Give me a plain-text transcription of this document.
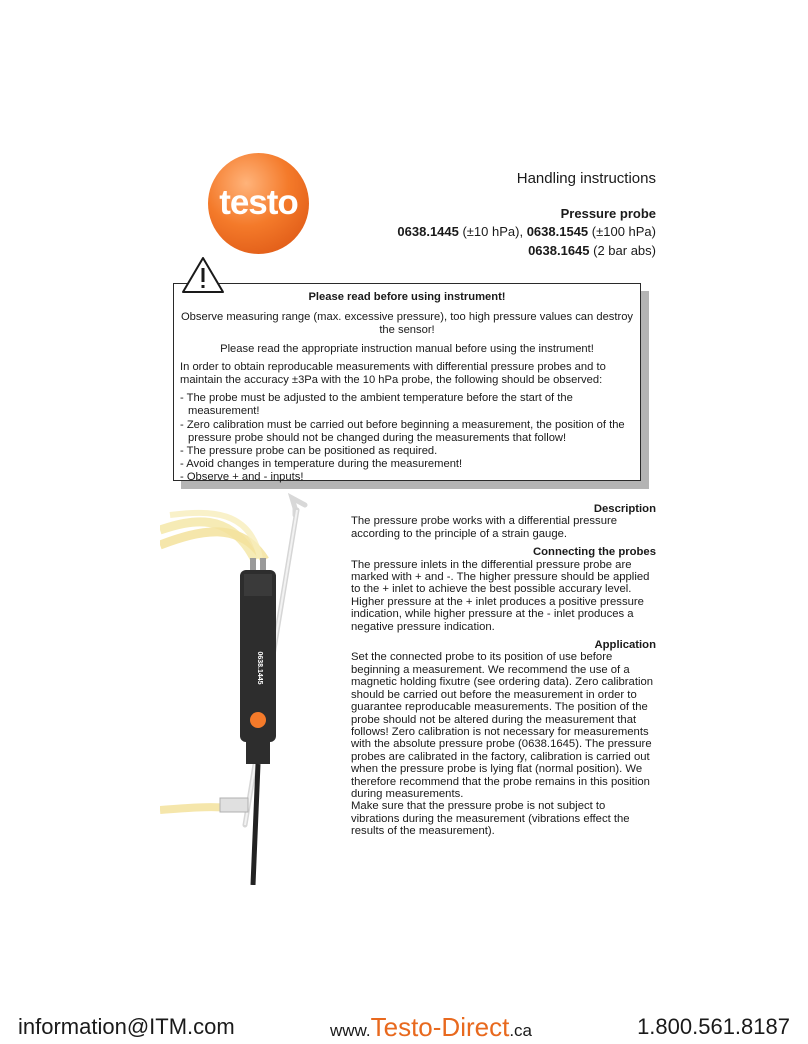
testo
Handling instructions
Pressure probe
0638.1445 (±10 hPa), 0638.1545 (±100 hPa)
0638.1645 (2 bar abs)
Please read before using instrument!
Observe measuring range (max. excessive pressure), too high pressure values can destroy the sensor!
Please read the appropriate instruction manual before using the instrument!
In order to obtain reproducable measurements with differential pressure probes and to maintain the accuracy ±3Pa with the 10 hPa probe, the following should be observed:
- The probe must be adjusted to the ambient temperature before the start of the measurement!
- Zero calibration must be carried out before beginning a measurement, the position of the pressure probe should not be changed during the measurements that follow!
- The pressure probe can be positioned as required.
- Avoid changes in temperature during the measurement!
- Observe + and - inputs!
0638.1445
Description
The pressure probe works with a differential pressure according to the principle of a strain gauge.
Connecting the probes
The pressure inlets in the differential pressure probe are marked with + and -. The higher pressure should be applied to the + inlet to achieve the best possible accurary level. Higher pressure at the + inlet produces a positive pressure indication, while higher pressure at the - inlet produces a negative pressure indication.
Application
Set the connected probe to its position of use before beginning a measurement. We recommend the use of a magnetic holding fixutre (see ordering data). Zero calibration should be carried out before the measurement in order to guarantee reproducable measurements. The position of the probe should not be altered during the measurement that follows! Zero calibration is not necessary for measurements with the absolute pressure probe (0638.1645). The pressure probes are calibrated in the factory, calibration is carried out when the pressure probe is lying flat (normal position). We therefore recommend that the probe remains in this position during measurements.
Make sure that the pressure probe is not subject to vibrations during the measurement (vibrations effect the results of the measurement).
information@ITM.com	www.Testo-Direct.ca	1.800.561.8187
